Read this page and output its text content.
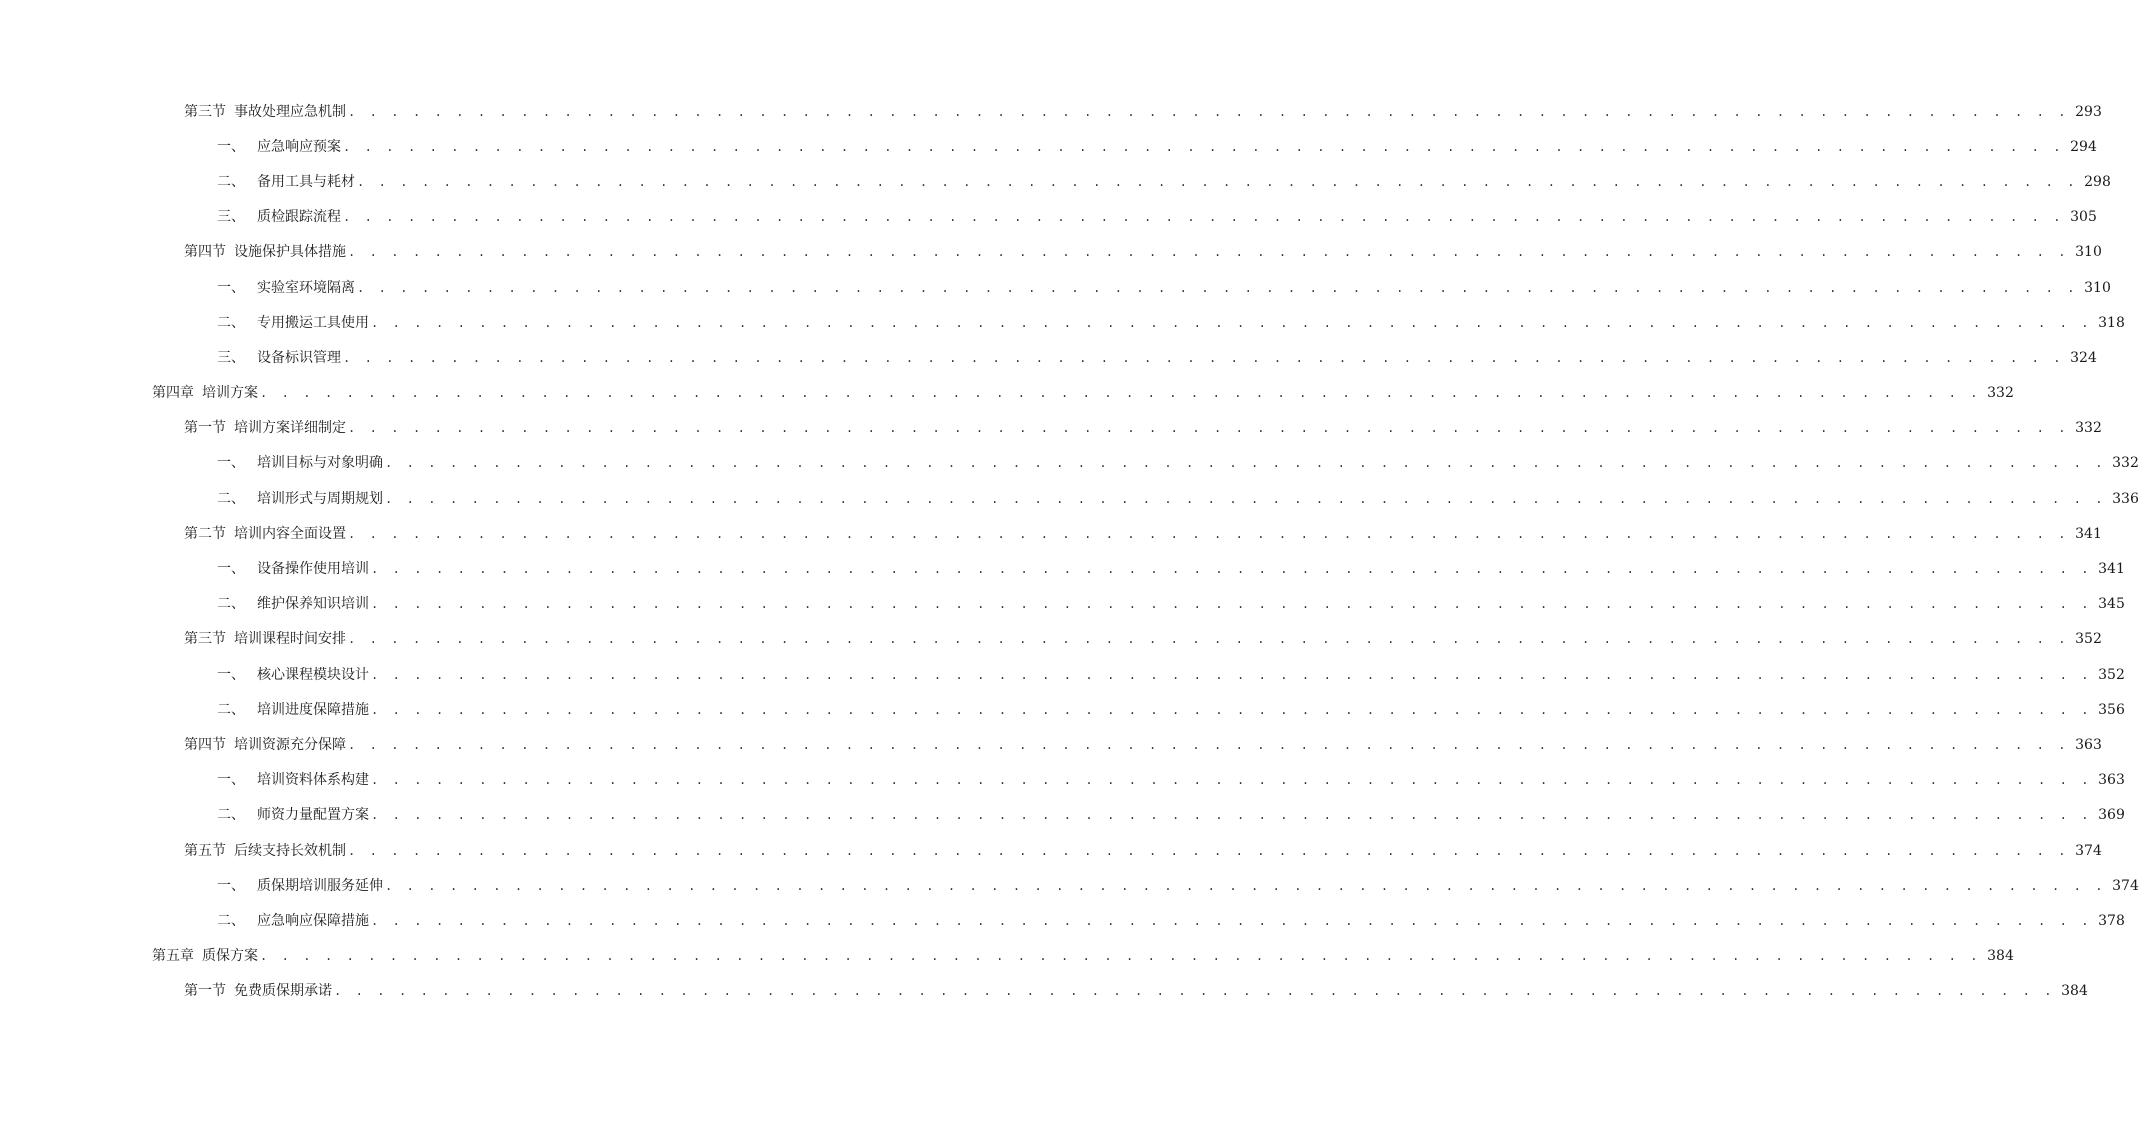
第三节 事故处理应急机制 . . . . . . . . . . . . . . . . . . . . . . . . . . . . . . . . . . . . . . . . . . . . . . . . . . . . . . . . . . . . . . . . . . . . . . . . . . . . . . . . 293
一、 应急响应预案 . . . . . . . . . . . . . . . . . . . . . . . . . . . . . . . . . . . . . . . . . . . . . . . . . . . . . . . . . . . . . . . . . . . . . . . . . . . . . . . . 294
二、 备用工具与耗材 . . . . . . . . . . . . . . . . . . . . . . . . . . . . . . . . . . . . . . . . . . . . . . . . . . . . . . . . . . . . . . . . . . . . . . . . . . . . . . . . 298
三、 质检跟踪流程 . . . . . . . . . . . . . . . . . . . . . . . . . . . . . . . . . . . . . . . . . . . . . . . . . . . . . . . . . . . . . . . . . . . . . . . . . . . . . . . . 305
第四节 设施保护具体措施 . . . . . . . . . . . . . . . . . . . . . . . . . . . . . . . . . . . . . . . . . . . . . . . . . . . . . . . . . . . . . . . . . . . . . . . . . . . . . . . . 310
一、 实验室环境隔离 . . . . . . . . . . . . . . . . . . . . . . . . . . . . . . . . . . . . . . . . . . . . . . . . . . . . . . . . . . . . . . . . . . . . . . . . . . . . . . . . 310
二、 专用搬运工具使用 . . . . . . . . . . . . . . . . . . . . . . . . . . . . . . . . . . . . . . . . . . . . . . . . . . . . . . . . . . . . . . . . . . . . . . . . . . . . . . . . 318
三、 设备标识管理 . . . . . . . . . . . . . . . . . . . . . . . . . . . . . . . . . . . . . . . . . . . . . . . . . . . . . . . . . . . . . . . . . . . . . . . . . . . . . . . . 324
第四章 培训方案 . . . . . . . . . . . . . . . . . . . . . . . . . . . . . . . . . . . . . . . . . . . . . . . . . . . . . . . . . . . . . . . . . . . . . . . . . . . . . . . . 332
第一节 培训方案详细制定 . . . . . . . . . . . . . . . . . . . . . . . . . . . . . . . . . . . . . . . . . . . . . . . . . . . . . . . . . . . . . . . . . . . . . . . . . . . . . . . . 332
一、 培训目标与对象明确 . . . . . . . . . . . . . . . . . . . . . . . . . . . . . . . . . . . . . . . . . . . . . . . . . . . . . . . . . . . . . . . . . . . . . . . . . . . . . . . . 332
二、 培训形式与周期规划 . . . . . . . . . . . . . . . . . . . . . . . . . . . . . . . . . . . . . . . . . . . . . . . . . . . . . . . . . . . . . . . . . . . . . . . . . . . . . . . . 336
第二节 培训内容全面设置 . . . . . . . . . . . . . . . . . . . . . . . . . . . . . . . . . . . . . . . . . . . . . . . . . . . . . . . . . . . . . . . . . . . . . . . . . . . . . . . . 341
一、 设备操作使用培训 . . . . . . . . . . . . . . . . . . . . . . . . . . . . . . . . . . . . . . . . . . . . . . . . . . . . . . . . . . . . . . . . . . . . . . . . . . . . . . . . 341
二、 维护保养知识培训 . . . . . . . . . . . . . . . . . . . . . . . . . . . . . . . . . . . . . . . . . . . . . . . . . . . . . . . . . . . . . . . . . . . . . . . . . . . . . . . . 345
第三节 培训课程时间安排 . . . . . . . . . . . . . . . . . . . . . . . . . . . . . . . . . . . . . . . . . . . . . . . . . . . . . . . . . . . . . . . . . . . . . . . . . . . . . . . . 352
一、 核心课程模块设计 . . . . . . . . . . . . . . . . . . . . . . . . . . . . . . . . . . . . . . . . . . . . . . . . . . . . . . . . . . . . . . . . . . . . . . . . . . . . . . . . 352
二、 培训进度保障措施 . . . . . . . . . . . . . . . . . . . . . . . . . . . . . . . . . . . . . . . . . . . . . . . . . . . . . . . . . . . . . . . . . . . . . . . . . . . . . . . . 356
第四节 培训资源充分保障 . . . . . . . . . . . . . . . . . . . . . . . . . . . . . . . . . . . . . . . . . . . . . . . . . . . . . . . . . . . . . . . . . . . . . . . . . . . . . . . . 363
一、 培训资料体系构建 . . . . . . . . . . . . . . . . . . . . . . . . . . . . . . . . . . . . . . . . . . . . . . . . . . . . . . . . . . . . . . . . . . . . . . . . . . . . . . . . 363
二、 师资力量配置方案 . . . . . . . . . . . . . . . . . . . . . . . . . . . . . . . . . . . . . . . . . . . . . . . . . . . . . . . . . . . . . . . . . . . . . . . . . . . . . . . . 369
第五节 后续支持长效机制 . . . . . . . . . . . . . . . . . . . . . . . . . . . . . . . . . . . . . . . . . . . . . . . . . . . . . . . . . . . . . . . . . . . . . . . . . . . . . . . . 374
一、 质保期培训服务延伸 . . . . . . . . . . . . . . . . . . . . . . . . . . . . . . . . . . . . . . . . . . . . . . . . . . . . . . . . . . . . . . . . . . . . . . . . . . . . . . . . 374
二、 应急响应保障措施 . . . . . . . . . . . . . . . . . . . . . . . . . . . . . . . . . . . . . . . . . . . . . . . . . . . . . . . . . . . . . . . . . . . . . . . . . . . . . . . . 378
第五章 质保方案 . . . . . . . . . . . . . . . . . . . . . . . . . . . . . . . . . . . . . . . . . . . . . . . . . . . . . . . . . . . . . . . . . . . . . . . . . . . . . . . . 384
第一节 免费质保期承诺 . . . . . . . . . . . . . . . . . . . . . . . . . . . . . . . . . . . . . . . . . . . . . . . . . . . . . . . . . . . . . . . . . . . . . . . . . . . . . . . . 384
